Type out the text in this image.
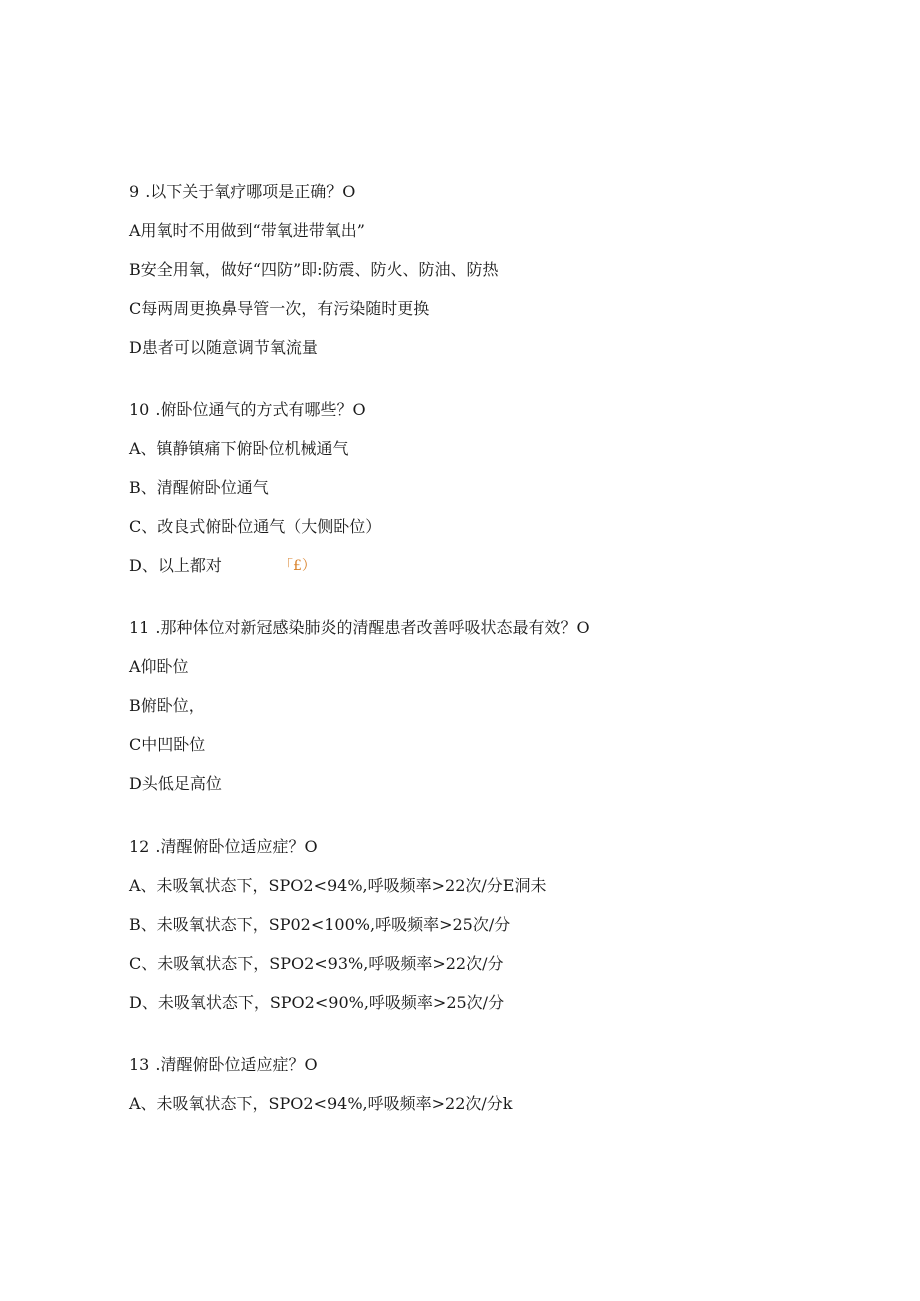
9 .以下关于氧疗哪项是正确？O
A用氧时不用做到“带氧进带氧出”
B安全用氧，做好“四防”即:防震、防火、防油、防热
C每两周更换鼻导管一次，有污染随时更换
D患者可以随意调节氧流量
10 .俯卧位通气的方式有哪些？O
A、镇静镇痛下俯卧位机械通气
B、清醒俯卧位通气
C、改良式俯卧位通气（大侧卧位）
D、以上都对	「£）
11 .那种体位对新冠感染肺炎的清醒患者改善呼吸状态最有效？O
A仰卧位
B俯卧位，
C中凹卧位
D头低足高位
12 .清醒俯卧位适应症？O
A、未吸氧状态下，SPO2<94%,呼吸频率>22次/分E洞未
B、未吸氧状态下，SP02<100%,呼吸频率>25次/分
C、未吸氧状态下，SPO2<93%,呼吸频率>22次/分
D、未吸氧状态下，SPO2<90%,呼吸频率>25次/分
13 .清醒俯卧位适应症？O
A、未吸氧状态下，SPO2<94%,呼吸频率>22次/分k
